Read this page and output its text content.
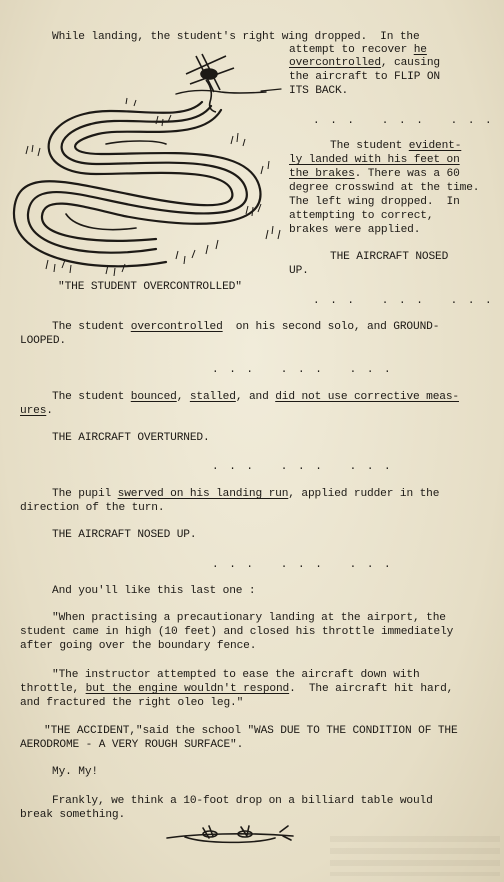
While landing, the student's right wing dropped.  In the
attempt to recover he
overcontrolled, causing
the aircraft to FLIP ON
ITS BACK.
. . .   . . .   . . .
The student evident-
ly landed with his feet on
the brakes. There was a 60
degree crosswind at the time.
The left wing dropped.  In
attempting to correct,
brakes were applied.
THE AIRCRAFT NOSED
UP.
"THE STUDENT OVERCONTROLLED"
. . .   . . .   . . .
The student overcontrolled  on his second solo, and GROUND-
LOOPED.
. . .   . . .   . . .
The student bounced, stalled, and did not use corrective meas-
ures.
THE AIRCRAFT OVERTURNED.
. . .   . . .   . . .
The pupil swerved on his landing run, applied rudder in the
direction of the turn.
THE AIRCRAFT NOSED UP.
. . .   . . .   . . .
And you'll like this last one :
"When practising a precautionary landing at the airport, the
student came in high (10 feet) and closed his throttle immediately
after going over the boundary fence.
"The instructor attempted to ease the aircraft down with
throttle, but the engine wouldn't respond.  The aircraft hit hard,
and fractured the right oleo leg."
"THE ACCIDENT,"said the school "WAS DUE TO THE CONDITION OF THE
AERODROME - A VERY ROUGH SURFACE".
My. My!
Frankly, we think a 10-foot drop on a billiard table would
break something.
